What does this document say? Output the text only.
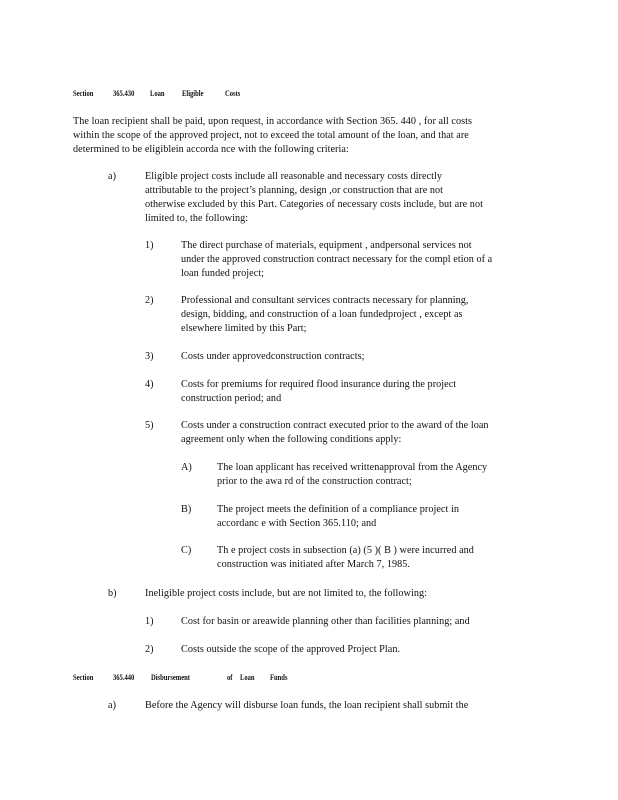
Section 365.430 Loan Eligible	Costs
The loan recipient shall be paid, upon request, in accordance with Section 365. 440 , for all costs
within the scope of the approved project, not to exceed the total amount of the loan, and that are
determined to be eligiblein accorda nce with the following criteria:
a)	Eligible project costs include all reasonable and necessary costs directly
attributable to the project’s planning, design ,or construction that are not
otherwise excluded by this Part. Categories of necessary costs include, but are not
limited to, the following:
1)	The direct purchase of materials, equipment , andpersonal services not
under the approved construction contract necessary for the compl etion of a
loan funded project;
2)	Professional and consultant services contracts necessary for planning,
design, bidding, and construction of a loan fundedproject , except as
elsewhere limited by this Part;
3)	Costs under approvedconstruction contracts;
4)	Costs for premiums for required flood insurance during the project
construction period; and
5)	Costs under a construction contract executed prior to the award of the loan
agreement only when the following conditions apply:
A) The loan applicant has received writtenapproval from the Agency
prior to the awa rd of the construction contract;
B)	The project meets the definition of a compliance project in
accordanc e with Section 365.110; and
C)	Th e project costs in subsection (a) (5 )( B ) were incurred and
construction was initiated after March 7, 1985.
b)	Ineligible project costs include, but are not limited to, the following:
1)	Cost for basin or areawide planning other than facilities planning; and
2)	Costs outside the scope of the approved Project Plan.
Section 365.440 Disbursement	of Loan Funds
a)	Before the Agency will disburse loan funds, the loan recipient shall submit the
